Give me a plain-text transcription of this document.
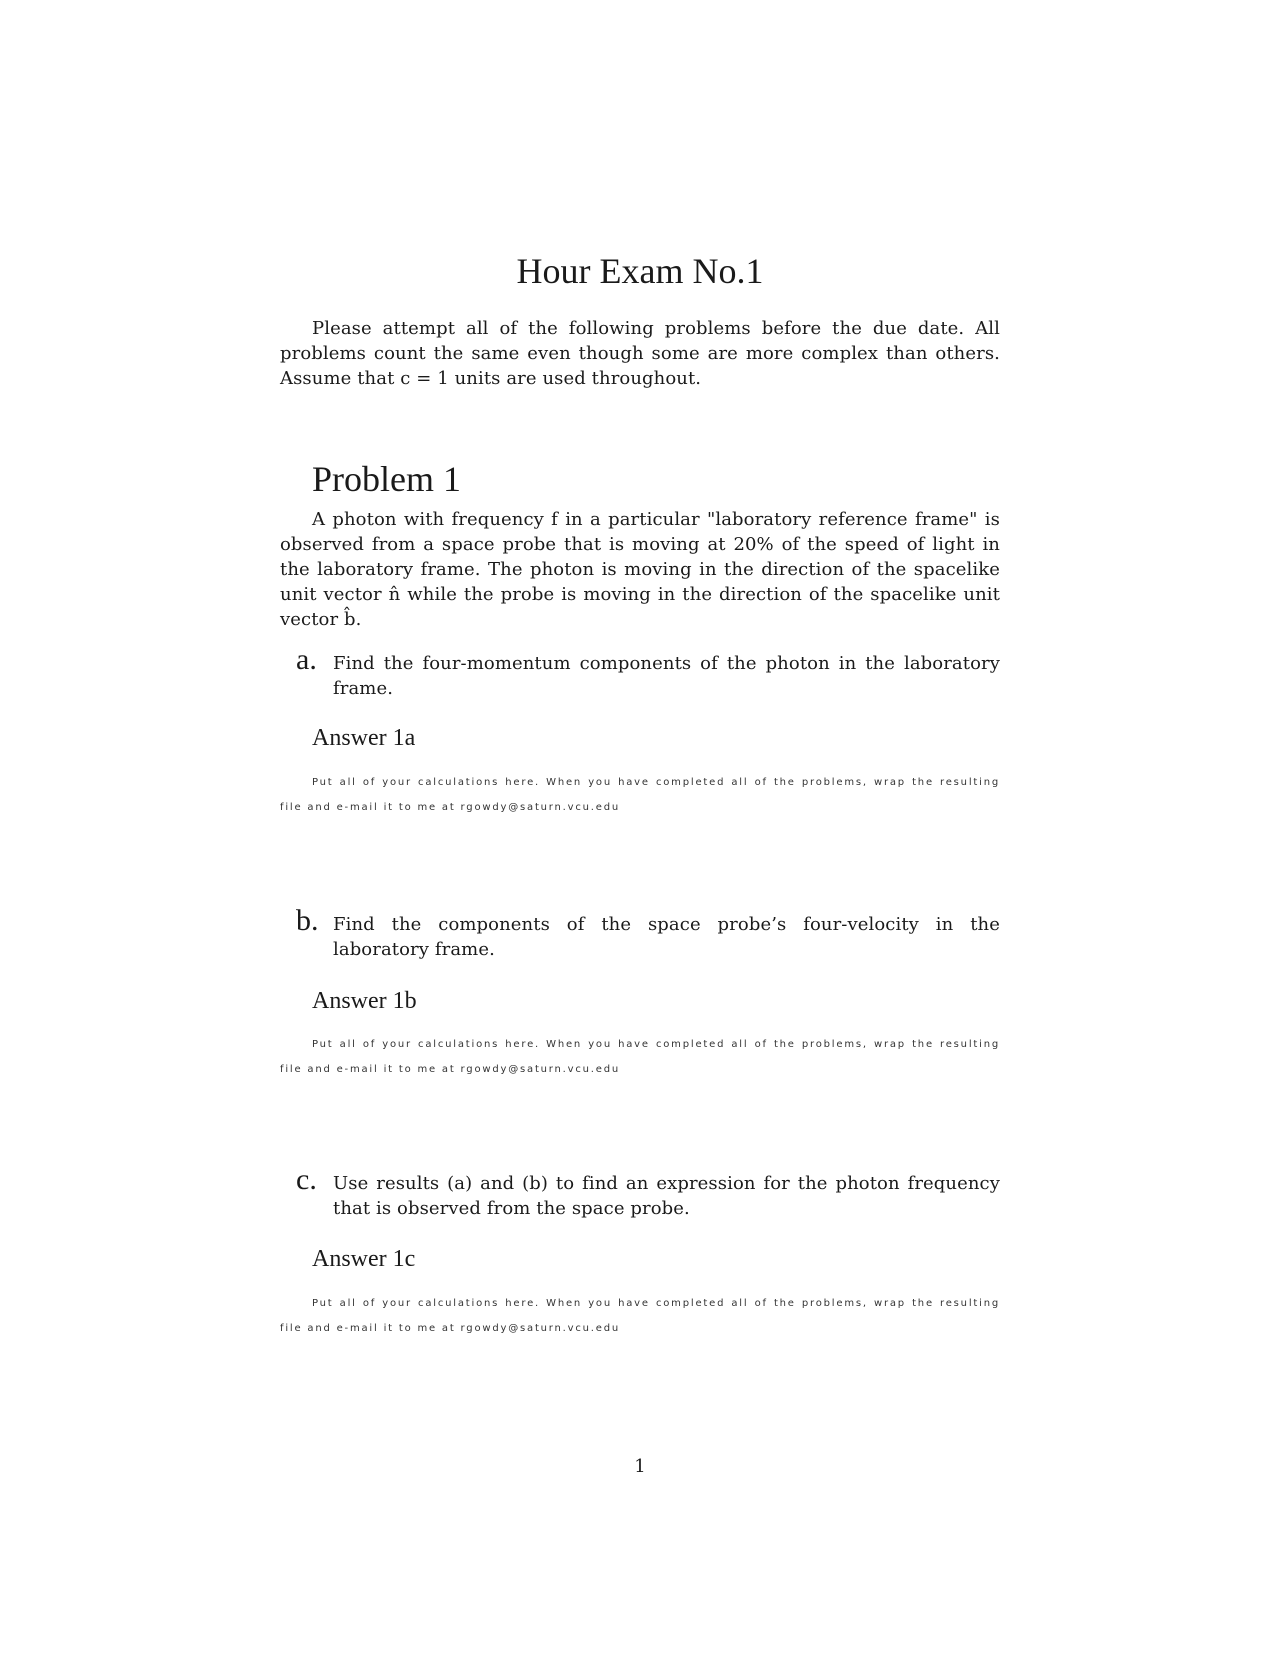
Hour Exam No.1

Please attempt all of the following problems before the due date. All problems count the same even though some are more complex than others. Assume that c = 1 units are used throughout.

Problem 1

A photon with frequency f in a particular "laboratory reference frame" is observed from a space probe that is moving at 20% of the speed of light in the laboratory frame. The photon is moving in the direction of the spacelike unit vector n̂ while the probe is moving in the direction of the spacelike unit vector b̂.

a. Find the four-momentum components of the photon in the laboratory frame.
Answer 1a

Put all of your calculations here. When you have completed all of the problems, wrap the resulting file and e-mail it to me at rgowdy@saturn.vcu.edu

b. Find the components of the space probe’s four-velocity in the laboratory frame.
Answer 1b

Put all of your calculations here. When you have completed all of the problems, wrap the resulting file and e-mail it to me at rgowdy@saturn.vcu.edu

c. Use results (a) and (b) to find an expression for the photon frequency that is observed from the space probe.
Answer 1c

Put all of your calculations here. When you have completed all of the problems, wrap the resulting file and e-mail it to me at rgowdy@saturn.vcu.edu

1
